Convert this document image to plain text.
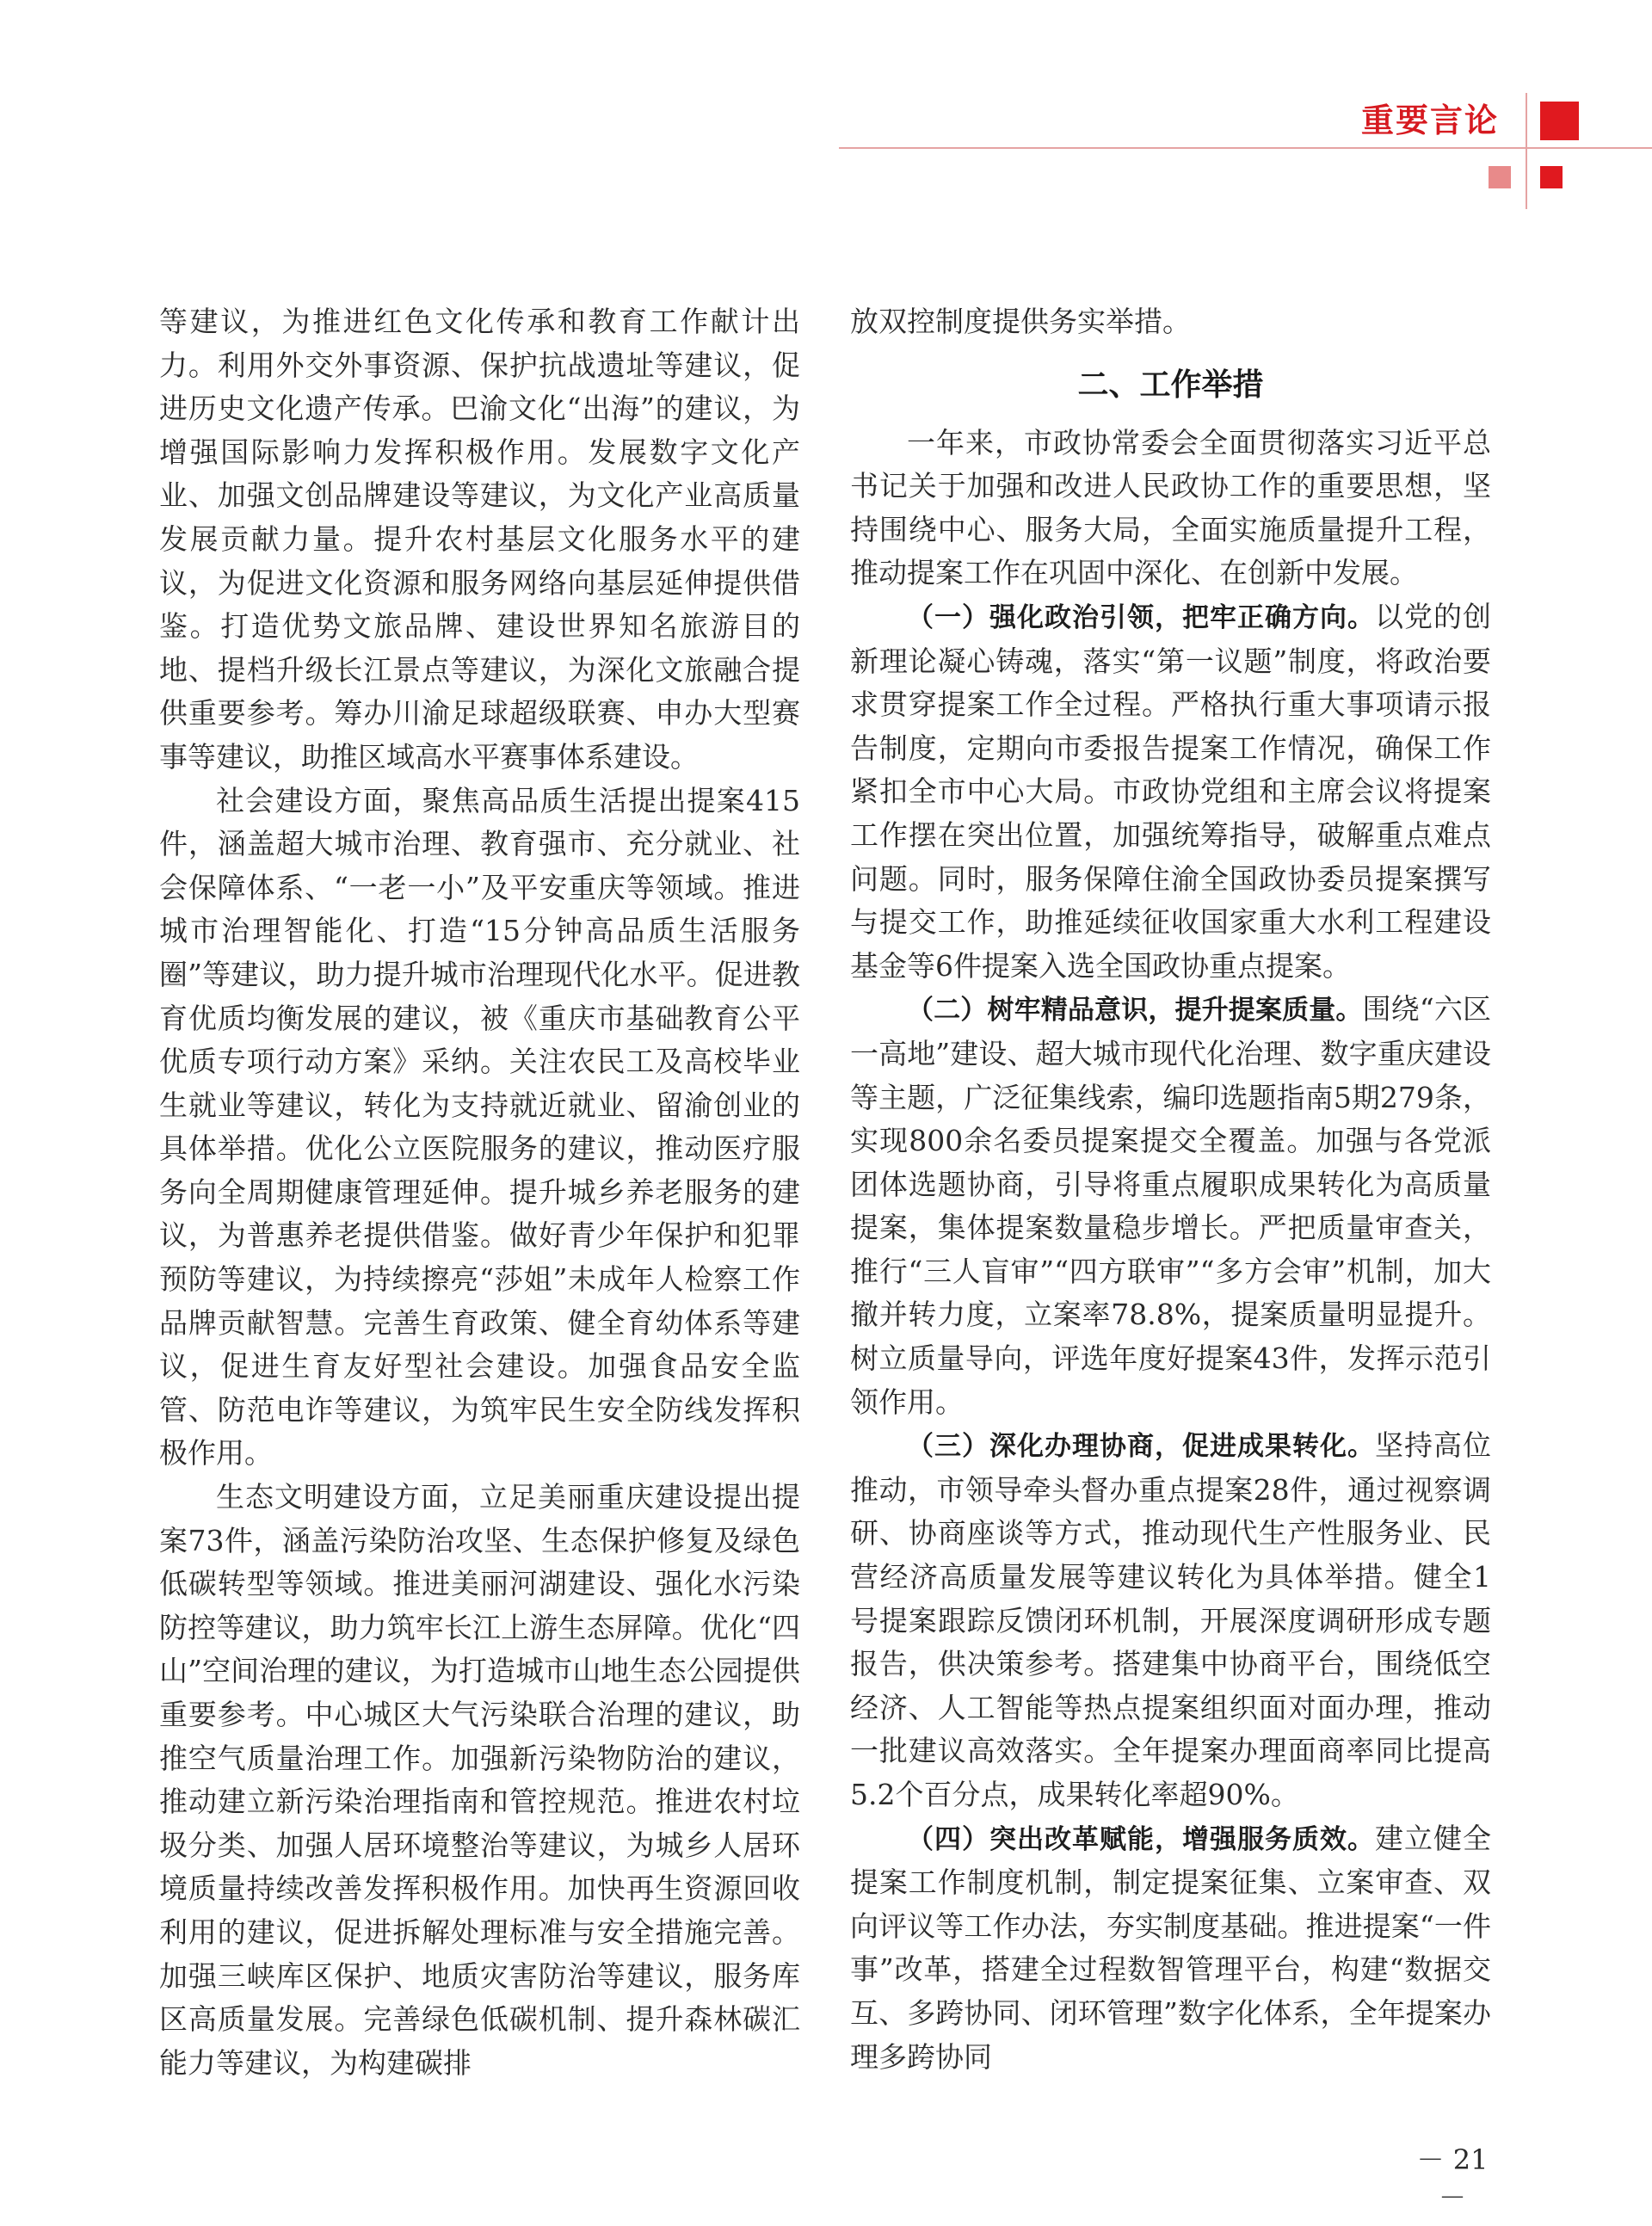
重要言论

等建议，为推进红色文化传承和教育工作献计出力。利用外交外事资源、保护抗战遗址等建议，促进历史文化遗产传承。巴渝文化“出海”的建议，为增强国际影响力发挥积极作用。发展数字文化产业、加强文创品牌建设等建议，为文化产业高质量发展贡献力量。提升农村基层文化服务水平的建议，为促进文化资源和服务网络向基层延伸提供借鉴。打造优势文旅品牌、建设世界知名旅游目的地、提档升级长江景点等建议，为深化文旅融合提供重要参考。筹办川渝足球超级联赛、申办大型赛事等建议，助推区域高水平赛事体系建设。

社会建设方面，聚焦高品质生活提出提案415件，涵盖超大城市治理、教育强市、充分就业、社会保障体系、“一老一小”及平安重庆等领域。推进城市治理智能化、打造“15分钟高品质生活服务圈”等建议，助力提升城市治理现代化水平。促进教育优质均衡发展的建议，被《重庆市基础教育公平优质专项行动方案》采纳。关注农民工及高校毕业生就业等建议，转化为支持就近就业、留渝创业的具体举措。优化公立医院服务的建议，推动医疗服务向全周期健康管理延伸。提升城乡养老服务的建议，为普惠养老提供借鉴。做好青少年保护和犯罪预防等建议，为持续擦亮“莎姐”未成年人检察工作品牌贡献智慧。完善生育政策、健全育幼体系等建议，促进生育友好型社会建设。加强食品安全监管、防范电诈等建议，为筑牢民生安全防线发挥积极作用。

生态文明建设方面，立足美丽重庆建设提出提案73件，涵盖污染防治攻坚、生态保护修复及绿色低碳转型等领域。推进美丽河湖建设、强化水污染防控等建议，助力筑牢长江上游生态屏障。优化“四山”空间治理的建议，为打造城市山地生态公园提供重要参考。中心城区大气污染联合治理的建议，助推空气质量治理工作。加强新污染物防治的建议，推动建立新污染治理指南和管控规范。推进农村垃圾分类、加强人居环境整治等建议，为城乡人居环境质量持续改善发挥积极作用。加快再生资源回收利用的建议，促进拆解处理标准与安全措施完善。加强三峡库区保护、地质灾害防治等建议，服务库区高质量发展。完善绿色低碳机制、提升森林碳汇能力等建议，为构建碳排

放双控制度提供务实举措。

二、工作举措

一年来，市政协常委会全面贯彻落实习近平总书记关于加强和改进人民政协工作的重要思想，坚持围绕中心、服务大局，全面实施质量提升工程，推动提案工作在巩固中深化、在创新中发展。

（一）强化政治引领，把牢正确方向。以党的创新理论凝心铸魂，落实“第一议题”制度，将政治要求贯穿提案工作全过程。严格执行重大事项请示报告制度，定期向市委报告提案工作情况，确保工作紧扣全市中心大局。市政协党组和主席会议将提案工作摆在突出位置，加强统筹指导，破解重点难点问题。同时，服务保障住渝全国政协委员提案撰写与提交工作，助推延续征收国家重大水利工程建设基金等6件提案入选全国政协重点提案。

（二）树牢精品意识，提升提案质量。围绕“六区一高地”建设、超大城市现代化治理、数字重庆建设等主题，广泛征集线索，编印选题指南5期279条，实现800余名委员提案提交全覆盖。加强与各党派团体选题协商，引导将重点履职成果转化为高质量提案，集体提案数量稳步增长。严把质量审查关，推行“三人盲审”“四方联审”“多方会审”机制，加大撤并转力度，立案率78.8%，提案质量明显提升。树立质量导向，评选年度好提案43件，发挥示范引领作用。

（三）深化办理协商，促进成果转化。坚持高位推动，市领导牵头督办重点提案28件，通过视察调研、协商座谈等方式，推动现代生产性服务业、民营经济高质量发展等建议转化为具体举措。健全1号提案跟踪反馈闭环机制，开展深度调研形成专题报告，供决策参考。搭建集中协商平台，围绕低空经济、人工智能等热点提案组织面对面办理，推动一批建议高效落实。全年提案办理面商率同比提高5.2个百分点，成果转化率超90%。

（四）突出改革赋能，增强服务质效。建立健全提案工作制度机制，制定提案征集、立案审查、双向评议等工作办法，夯实制度基础。推进提案“一件事”改革，搭建全过程数智管理平台，构建“数据交互、多跨协同、闭环管理”数字化体系，全年提案办理多跨协同

－ 21 －
